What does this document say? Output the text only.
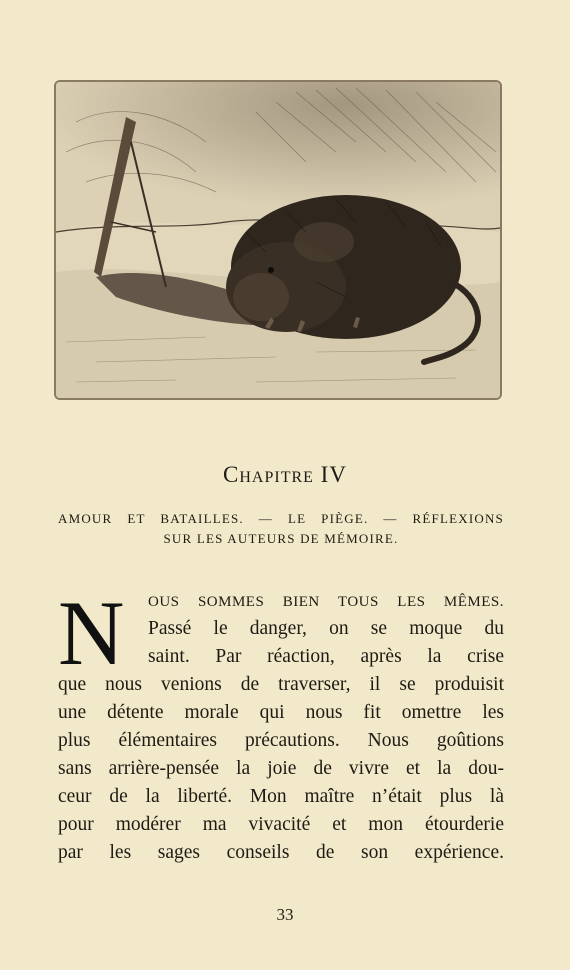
Chapitre IV
AMOUR ET BATAILLES. — LE PIÈGE. — RÉFLEXIONS
SUR LES AUTEURS DE MÉMOIRE.
N	OUS SOMMES BIEN TOUS LES MÊMES.
Passé le danger, on se moque du
saint. Par réaction, après la crise
que nous venions de traverser, il se produisit
une détente morale qui nous fit omettre les
plus élémentaires précautions. Nous goûtions
sans arrière-pensée la joie de vivre et la dou-
ceur de la liberté. Mon maître n’était plus là
pour modérer ma vivacité et mon étourderie
par les sages conseils de son expérience.
33
